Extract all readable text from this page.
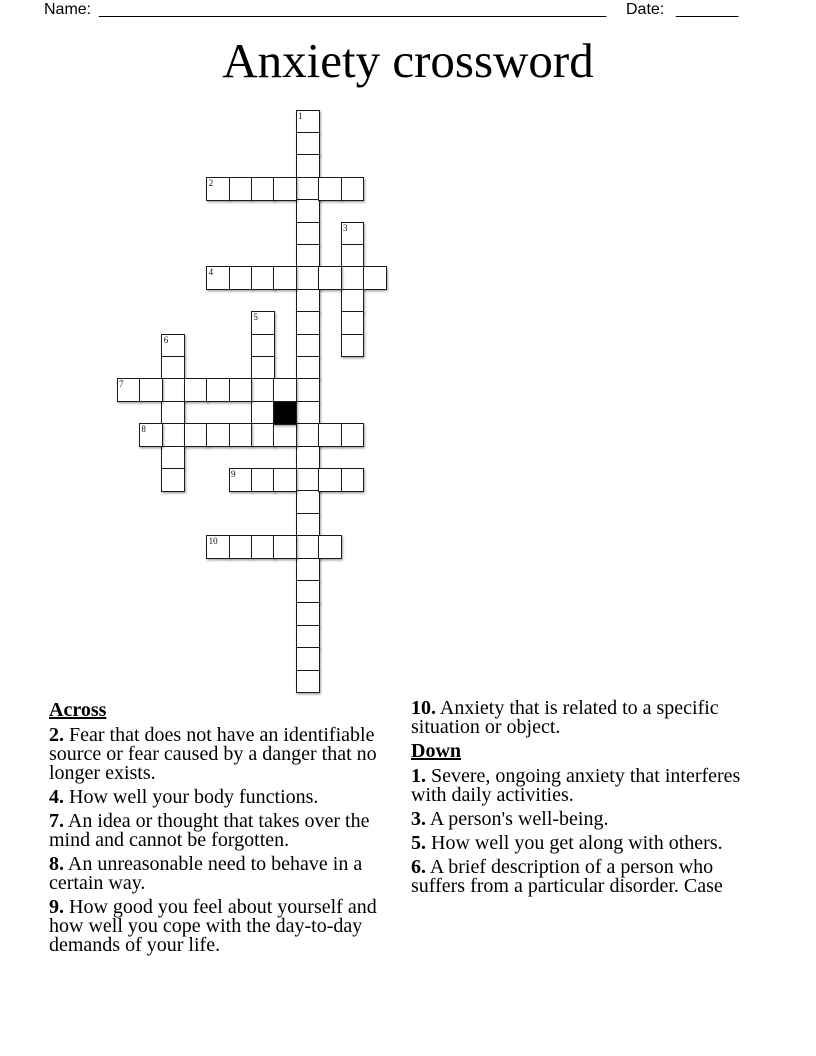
Name: _________________________________________________________ Date: _______
Anxiety crossword
1
2
3
4
5
6
7
8
9
10
Across

2. Fear that does not have an identifiable source or fear caused by a danger that no longer exists.

4. How well your body functions.

7. An idea or thought that takes over the mind and cannot be forgotten.

8. An unreasonable need to behave in a certain way.

9. How good you feel about yourself and how well you cope with the day-to-day demands of your life.

10. Anxiety that is related to a specific situation or object.

Down

1. Severe, ongoing anxiety that interferes with daily activities.

3. A person's well-being.

5. How well you get along with others.

6. A brief description of a person who suffers from a particular disorder. Case
